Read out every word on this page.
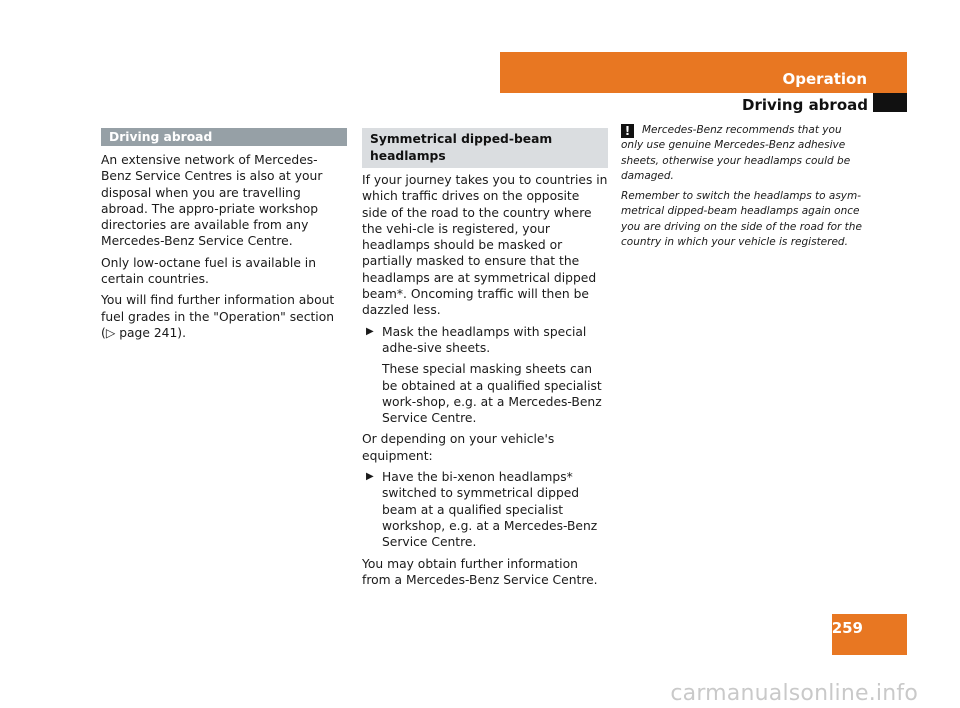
Operation
Driving abroad
Driving abroad

An extensive network of Mercedes-Benz Service Centres is also at your disposal when you are travelling abroad. The appro-priate workshop directories are available from any Mercedes-Benz Service Centre.

Only low-octane fuel is available in certain countries.

You will find further information about fuel grades in the "Operation" section
(▷ page 241).

Symmetrical dipped-beam headlamps

If your journey takes you to countries in which traffic drives on the opposite side of the road to the country where the vehi-cle is registered, your headlamps should be masked or partially masked to ensure that the headlamps are at symmetrical dipped beam*. Oncoming traffic will then be dazzled less.

▶ Mask the headlamps with special adhe-sive sheets.

These special masking sheets can be obtained at a qualified specialist work-shop, e.g. at a Mercedes-Benz Service Centre.

Or depending on your vehicle's equipment:

▶ Have the bi-xenon headlamps* switched to symmetrical dipped beam at a qualified specialist workshop, e.g. at a Mercedes-Benz Service Centre.

You may obtain further information from a Mercedes-Benz Service Centre.

! Mercedes-Benz recommends that you only use genuine Mercedes-Benz adhesive sheets, otherwise your headlamps could be damaged.

Remember to switch the headlamps to asym-metrical dipped-beam headlamps again once you are driving on the side of the road for the country in which your vehicle is registered.

259
carmanualsonline.info
